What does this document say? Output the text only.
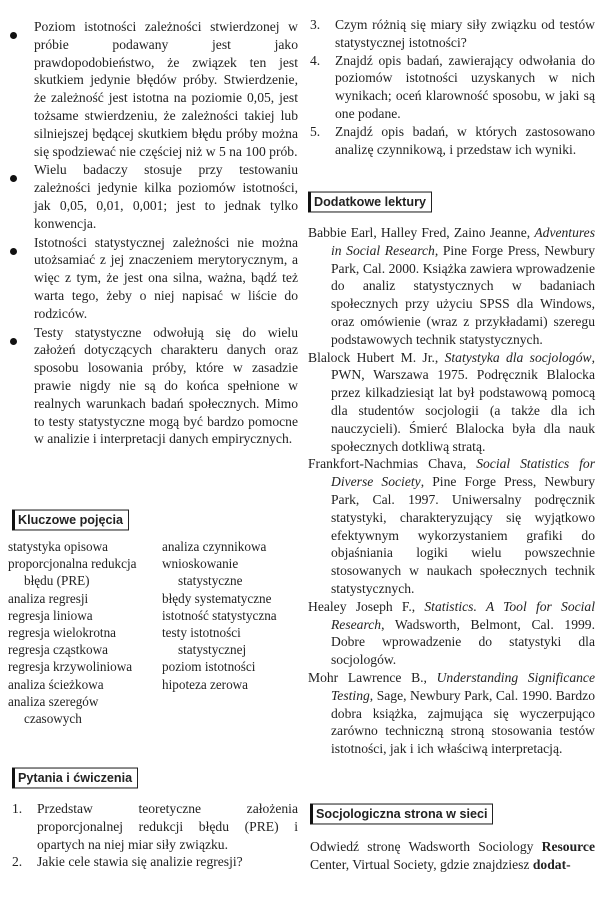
Poziom istotności zależności stwierdzonej w próbie podawany jest jako prawdopodobieństwo, że związek ten jest skutkiem jedynie błędów próby. Stwierdzenie, że zależność jest istotna na poziomie 0,05, jest tożsame stwierdzeniu, że zależności takiej lub silniejszej będącej skutkiem błędu próby można się spodziewać nie częściej niż w 5 na 100 prób.
Wielu badaczy stosuje przy testowaniu zależności jedynie kilka poziomów istotności, jak 0,05, 0,01, 0,001; jest to jednak tylko konwencja.
Istotności statystycznej zależności nie można utożsamiać z jej znaczeniem merytorycznym, a więc z tym, że jest ona silna, ważna, bądź też warta tego, żeby o niej napisać w liście do rodziców.
Testy statystyczne odwołują się do wielu założeń dotyczących charakteru danych oraz sposobu losowania próby, które w zasadzie prawie nigdy nie są do końca spełnione w realnych warunkach badań społecznych. Mimo to testy statystyczne mogą być bardzo pomocne w analizie i interpretacji danych empirycznych.
Kluczowe pojęcia
statystyka opisowa
proporcjonalna redukcja błędu (PRE)
analiza regresji
regresja liniowa
regresja wielokrotna
regresja cząstkowa
regresja krzywoliniowa
analiza ścieżkowa
analiza szeregów czasowych
analiza czynnikowa
wnioskowanie statystyczne
błędy systematyczne
istotność statystyczna
testy istotności statystycznej
poziom istotności
hipoteza zerowa
Pytania i ćwiczenia
1. Przedstaw teoretyczne założenia proporcjonalnej redukcji błędu (PRE) i opartych na niej miar siły związku.
2. Jakie cele stawia się analizie regresji?
3. Czym różnią się miary siły związku od testów statystycznej istotności?
4. Znajdź opis badań, zawierający odwołania do poziomów istotności uzyskanych w nich wynikach; oceń klarowność sposobu, w jaki są one podane.
5. Znajdź opis badań, w których zastosowano analizę czynnikową, i przedstaw ich wyniki.
Dodatkowe lektury
Babbie Earl, Halley Fred, Zaino Jeanne, Adventures in Social Research, Pine Forge Press, Newbury Park, Cal. 2000. Książka zawiera wprowadzenie do analiz statystycznych w badaniach społecznych przy użyciu SPSS dla Windows, oraz omówienie (wraz z przykładami) szeregu podstawowych technik statystycznych.
Blalock Hubert M. Jr., Statystyka dla socjologów, PWN, Warszawa 1975. Podręcznik Blalocka przez kilkadziesiąt lat był podstawową pomocą dla studentów socjologii (a także dla ich nauczycieli). Śmierć Blalocka była dla nauk społecznych dotkliwą stratą.
Frankfort-Nachmias Chava, Social Statistics for Diverse Society, Pine Forge Press, Newbury Park, Cal. 1997. Uniwersalny podręcznik statystyki, charakteryzujący się wyjątkowo efektywnym wykorzystaniem grafiki do objaśniania logiki wielu powszechnie stosowanych w naukach społecznych technik statystycznych.
Healey Joseph F., Statistics. A Tool for Social Research, Wadsworth, Belmont, Cal. 1999. Dobre wprowadzenie do statystyki dla socjologów.
Mohr Lawrence B., Understanding Significance Testing, Sage, Newbury Park, Cal. 1990. Bardzo dobra książka, zajmująca się wyczerpująco zarówno techniczną stroną stosowania testów istotności, jak i ich właściwą interpretacją.
Socjologiczna strona w sieci
Odwiedź stronę Wadsworth Sociology Resource Center, Virtual Society, gdzie znajdziesz dodat-
